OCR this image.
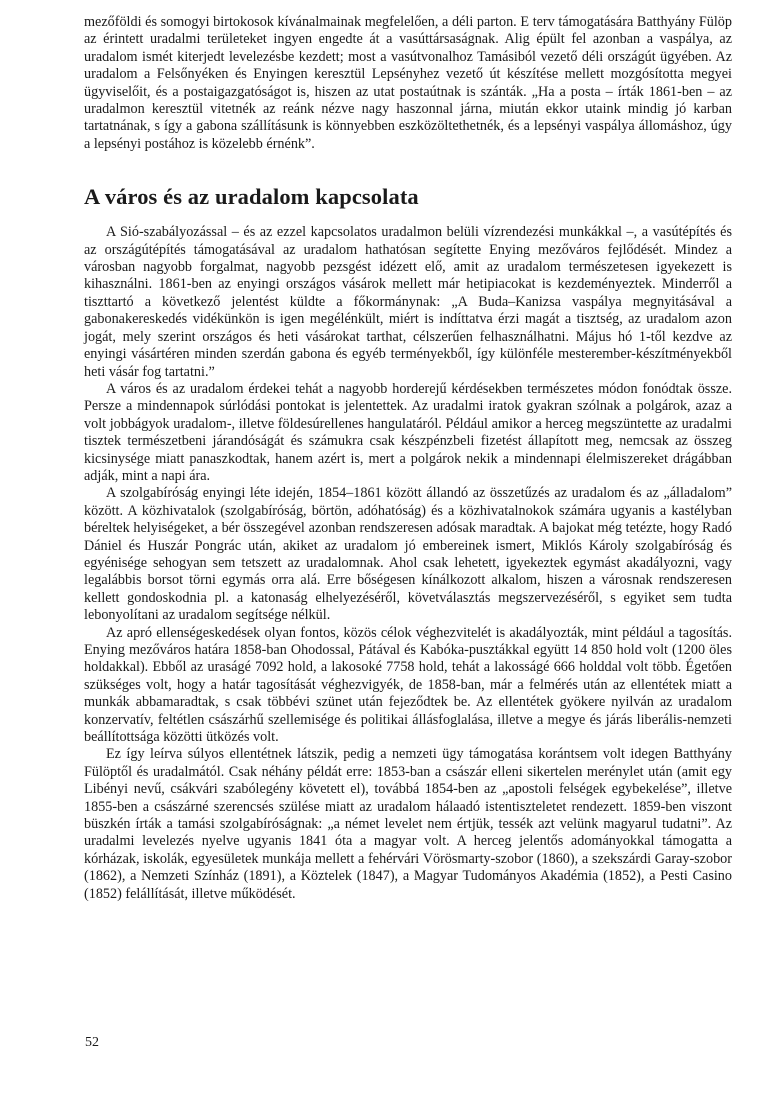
mezőföldi és somogyi birtokosok kívánalmainak megfelelően, a déli parton. E terv támogatására Batthyány Fülöp az érintett uradalmi területeket ingyen engedte át a vasúttársaságnak. Alig épült fel azonban a vaspálya, az uradalom ismét kiterjedt levelezésbe kezdett; most a vasútvonalhoz Tamásiból vezető déli országút ügyében. Az uradalom a Felsőnyéken és Enyingen keresztül Lepsényhez vezető út készítése mellett mozgósította megyei ügyviselőit, és a postaigazgatóságot is, hiszen az utat postaútnak is szánták. „Ha a posta – írták 1861-ben – az uradalmon keresztül vitetnék az reánk nézve nagy haszonnal járna, miután ekkor utaink mindig jó karban tartatnának, s így a gabona szállításunk is könnyebben eszközöltethetnék, és a lepsényi vaspálya állomáshoz, úgy a lepsényi postához is közelebb érnénk”.

A város és az uradalom kapcsolata

A Sió-szabályozással – és az ezzel kapcsolatos uradalmon belüli vízrendezési munkákkal –, a vasútépítés és az országútépítés támogatásával az uradalom hathatósan segítette Enying mezőváros fejlődését. Mindez a városban nagyobb forgalmat, nagyobb pezsgést idézett elő, amit az uradalom természetesen igyekezett is kihasználni. 1861-ben az enyingi országos vásárok mellett már hetipiacokat is kezdeményeztek. Minderről a tiszttartó a következő jelentést küldte a főkormánynak: „A Buda–Kanizsa vaspálya megnyitásával a gabonakereskedés vidékünkön is igen megélénkült, miért is indíttatva érzi magát a tisztség, az uradalom azon jogát, mely szerint országos és heti vásárokat tarthat, célszerűen felhasználhatni. Május hó 1-től kezdve az enyingi vásártéren minden szerdán gabona és egyéb terményekből, így különféle mesterember-készítményekből heti vásár fog tartatni.”

A város és az uradalom érdekei tehát a nagyobb horderejű kérdésekben természetes módon fonódtak össze. Persze a mindennapok súrlódási pontokat is jelentettek. Az uradalmi iratok gyakran szólnak a polgárok, azaz a volt jobbágyok uradalom-, illetve földesúrellenes hangulatáról. Például amikor a herceg megszüntette az uradalmi tisztek természetbeni járandóságát és számukra csak készpénzbeli fizetést állapított meg, nemcsak az összeg kicsinysége miatt panaszkodtak, hanem azért is, mert a polgárok nekik a mindennapi élelmiszereket drágábban adják, mint a napi ára.

A szolgabíróság enyingi léte idején, 1854–1861 között állandó az összetűzés az uradalom és az „álladalom” között. A közhivatalok (szolgabíróság, börtön, adóhatóság) és a közhivatalnokok számára ugyanis a kastélyban béreltek helyiségeket, a bér összegével azonban rendszeresen adósak maradtak. A bajokat még tetézte, hogy Radó Dániel és Huszár Pongrác után, akiket az uradalom jó embereinek ismert, Miklós Károly szolgabíróság és egyénisége sehogyan sem tetszett az uradalomnak. Ahol csak lehetett, igyekeztek egymást akadályozni, vagy legalábbis borsot törni egymás orra alá. Erre bőségesen kínálkozott alkalom, hiszen a városnak rendszeresen kellett gondoskodnia pl. a katonaság elhelyezéséről, követválasztás megszervezéséről, s egyiket sem tudta lebonyolítani az uradalom segítsége nélkül.

Az apró ellenségeskedések olyan fontos, közös célok véghezvitelét is akadályozták, mint például a tagosítás. Enying mezőváros határa 1858-ban Ohodossal, Pátával és Kabóka-pusztákkal együtt 14 850 hold volt (1200 öles holdakkal). Ebből az uraságé 7092 hold, a lakosoké 7758 hold, tehát a lakosságé 666 holddal volt több. Égetően szükséges volt, hogy a határ tagosítását véghezvigyék, de 1858-ban, már a felmérés után az ellentétek miatt a munkák abbamaradtak, s csak többévi szünet után fejeződtek be. Az ellentétek gyökere nyilván az uradalom konzervatív, feltétlen császárhű szellemisége és politikai állásfoglalása, illetve a megye és járás liberális-nemzeti beállítottsága közötti ütközés volt.

Ez így leírva súlyos ellentétnek látszik, pedig a nemzeti ügy támogatása korántsem volt idegen Batthyány Fülöptől és uradalmától. Csak néhány példát erre: 1853-ban a császár elleni sikertelen merénylet után (amit egy Libényi nevű, csákvári szabólegény követett el), továbbá 1854-ben az „apostoli felségek egybekelése”, illetve 1855-ben a császárné szerencsés szülése miatt az uradalom hálaadó istentiszteletet rendezett. 1859-ben viszont büszkén írták a tamási szolgabíróságnak: „a német levelet nem értjük, tessék azt velünk magyarul tudatni”. Az uradalmi levelezés nyelve ugyanis 1841 óta a magyar volt. A herceg jelentős adományokkal támogatta a kórházak, iskolák, egyesületek munkája mellett a fehérvári Vörösmarty-szobor (1860), a szekszárdi Garay-szobor (1862), a Nemzeti Színház (1891), a Köztelek (1847), a Magyar Tudományos Akadémia (1852), a Pesti Casino (1852) felállítását, illetve működését.

52
